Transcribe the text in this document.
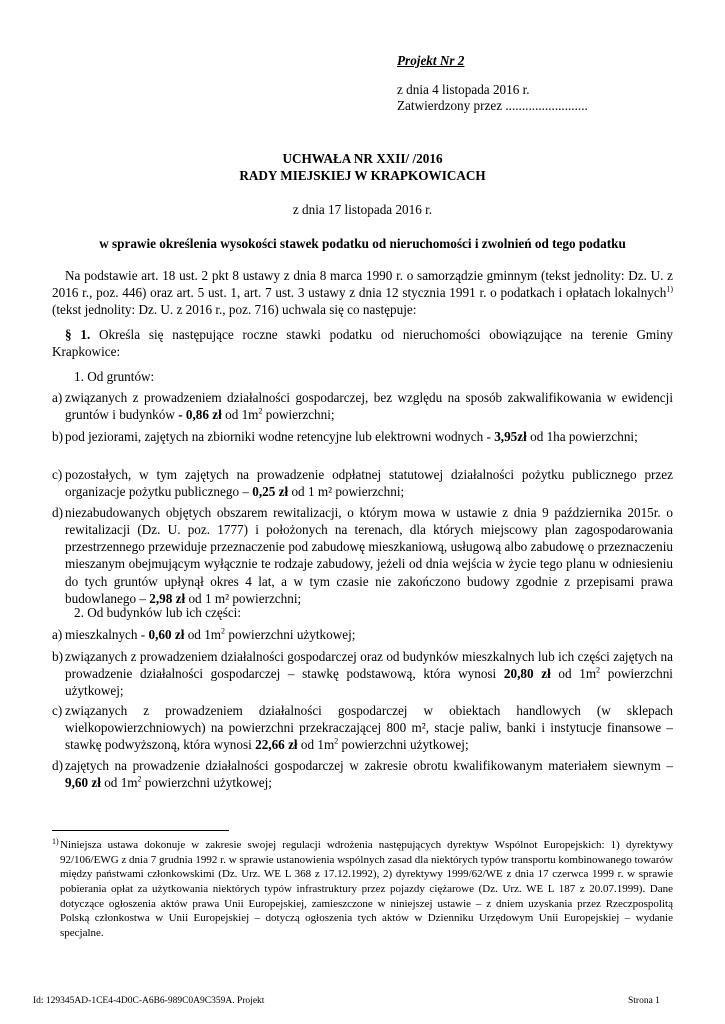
Projekt Nr 2
z dnia 4 listopada 2016 r.
Zatwierdzony przez .........................
UCHWAŁA NR XXII/ /2016
RADY MIEJSKIEJ W KRAPKOWICACH
z dnia 17 listopada 2016 r.
w sprawie określenia wysokości stawek podatku od nieruchomości i zwolnień od tego podatku
Na podstawie art. 18 ust. 2 pkt 8 ustawy z dnia 8 marca 1990 r. o samorządzie gminnym (tekst jednolity: Dz. U. z 2016 r., poz. 446) oraz art. 5 ust. 1, art. 7 ust. 3 ustawy z dnia 12 stycznia 1991 r. o podatkach i opłatach lokalnych$^{1)}$ (tekst jednolity: Dz. U. z 2016 r., poz. 716) uchwala się co następuje:
§ 1. Określa się następujące roczne stawki podatku od nieruchomości obowiązujące na terenie Gminy Krapkowice:
1. Od gruntów:
a) związanych z prowadzeniem działalności gospodarczej, bez względu na sposób zakwalifikowania w ewidencji gruntów i budynków - 0,86 zł od $1m^2$ powierzchni;
b) pod jeziorami, zajętych na zbiorniki wodne retencyjne lub elektrowni wodnych - 3,95zł od 1ha powierzchni;
c) pozostałych, w tym zajętych na prowadzenie odpłatnej statutowej działalności pożytku publicznego przez organizacje pożytku publicznego – 0,25 zł od 1 m² powierzchni;
d) niezabudowanych objętych obszarem rewitalizacji, o którym mowa w ustawie z dnia 9 października 2015r. o rewitalizacji (Dz. U. poz. 1777) i położonych na terenach, dla których miejscowy plan zagospodarowania przestrzennego przewiduje przeznaczenie pod zabudowę mieszkaniową, usługową albo zabudowę o przeznaczeniu mieszanym obejmującym wyłącznie te rodzaje zabudowy, jeżeli od dnia wejścia w życie tego planu w odniesieniu do tych gruntów upłynął okres 4 lat, a w tym czasie nie zakończono budowy zgodnie z przepisami prawa budowlanego – 2,98 zł od 1 m² powierzchni;
2. Od budynków lub ich części:
a) mieszkalnych - 0,60 zł od $1m^2$ powierzchni użytkowej;
b) związanych z prowadzeniem działalności gospodarczej oraz od budynków mieszkalnych lub ich części zajętych na prowadzenie działalności gospodarczej – stawkę podstawową, która wynosi 20,80 zł od $1m^2$ powierzchni użytkowej;
c) związanych z prowadzeniem działalności gospodarczej w obiektach handlowych (w sklepach wielkopowierzchniowych) na powierzchni przekraczającej 800 m², stacje paliw, banki i instytucje finansowe – stawkę podwyższoną, która wynosi 22,66 zł od $1m^2$ powierzchni użytkowej;
d) zajętych na prowadzenie działalności gospodarczej w zakresie obrotu kwalifikowanym materiałem siewnym – 9,60 zł od $1m^2$ powierzchni użytkowej;
1) Niniejsza ustawa dokonuje w zakresie swojej regulacji wdrożenia następujących dyrektyw Wspólnot Europejskich: 1) dyrektywy 92/106/EWG z dnia 7 grudnia 1992 r. w sprawie ustanowienia wspólnych zasad dla niektórych typów transportu kombinowanego towarów między państwami członkowskimi (Dz. Urz. WE L 368 z 17.12.1992), 2) dyrektywy 1999/62/WE z dnia 17 czerwca 1999 r. w sprawie pobierania opłat za użytkowania niektórych typów infrastruktury przez pojazdy ciężarowe (Dz. Urz. WE L 187 z 20.07.1999). Dane dotyczące ogłoszenia aktów prawa Unii Europejskiej, zamieszczone w niniejszej ustawie – z dniem uzyskania przez Rzeczpospolitą Polską członkostwa w Unii Europejskiej – dotyczą ogłoszenia tych aktów w Dzienniku Urzędowym Unii Europejskiej – wydanie specjalne.
Id: 129345AD-1CE4-4D0C-A6B6-989C0A9C359A. Projekt	Strona 1
